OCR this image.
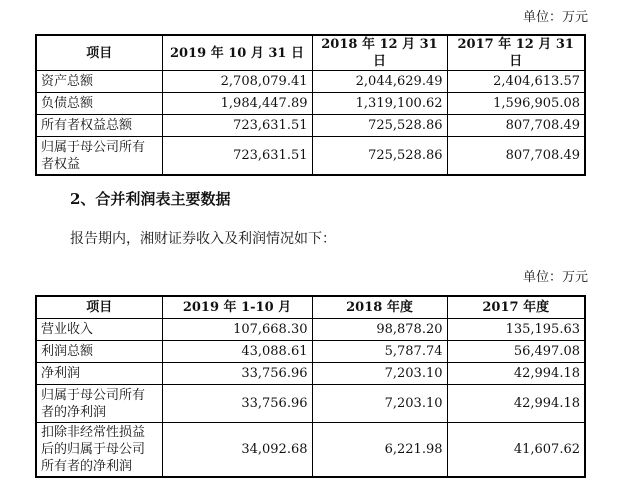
单位：万元
项目	2019 年 10 月 31 日	2018 年 12 月 31 日	2017 年 12 月 31 日
资产总额	2,708,079.41	2,044,629.49	2,404,613.57
负债总额	1,984,447.89	1,319,100.62	1,596,905.08
所有者权益总额	723,631.51	725,528.86	807,708.49
归属于母公司所有者权益	723,631.51	725,528.86	807,708.49
2、合并利润表主要数据
报告期内，湘财证券收入及利润情况如下：
单位：万元
项目	2019 年 1-10 月	2018 年度	2017 年度
营业收入	107,668.30	98,878.20	135,195.63
利润总额	43,088.61	5,787.74	56,497.08
净利润	33,756.96	7,203.10	42,994.18
归属于母公司所有者的净利润	33,756.96	7,203.10	42,994.18
扣除非经常性损益后的归属于母公司所有者的净利润	34,092.68	6,221.98	41,607.62
